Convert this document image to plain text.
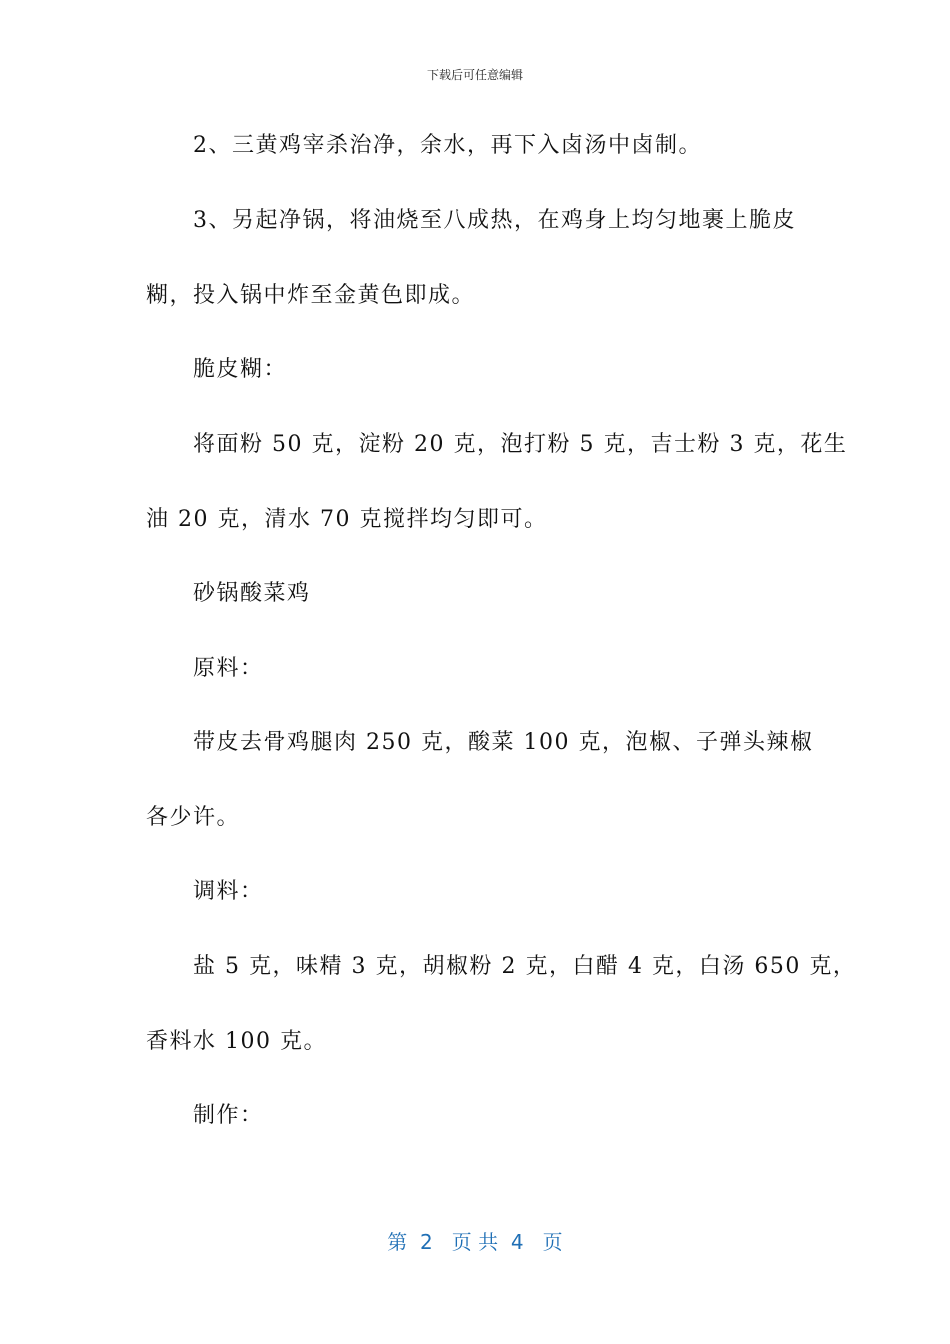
下载后可任意编辑
2、三黄鸡宰杀治净，余水，再下入卤汤中卤制。
3、另起净锅，将油烧至八成热，在鸡身上均匀地裹上脆皮
糊，投入锅中炸至金黄色即成。
脆皮糊：
将面粉 50 克，淀粉 20 克，泡打粉 5 克，吉士粉 3 克，花生
油 20 克，清水 70 克搅拌均匀即可。
砂锅酸菜鸡
原料：
带皮去骨鸡腿肉 250 克，酸菜 100 克，泡椒、子弹头辣椒
各少许。
调料：
盐 5 克，味精 3 克，胡椒粉 2 克，白醋 4 克，白汤 650 克，
香料水 100 克。
制作：
第  2   页 共  4   页
